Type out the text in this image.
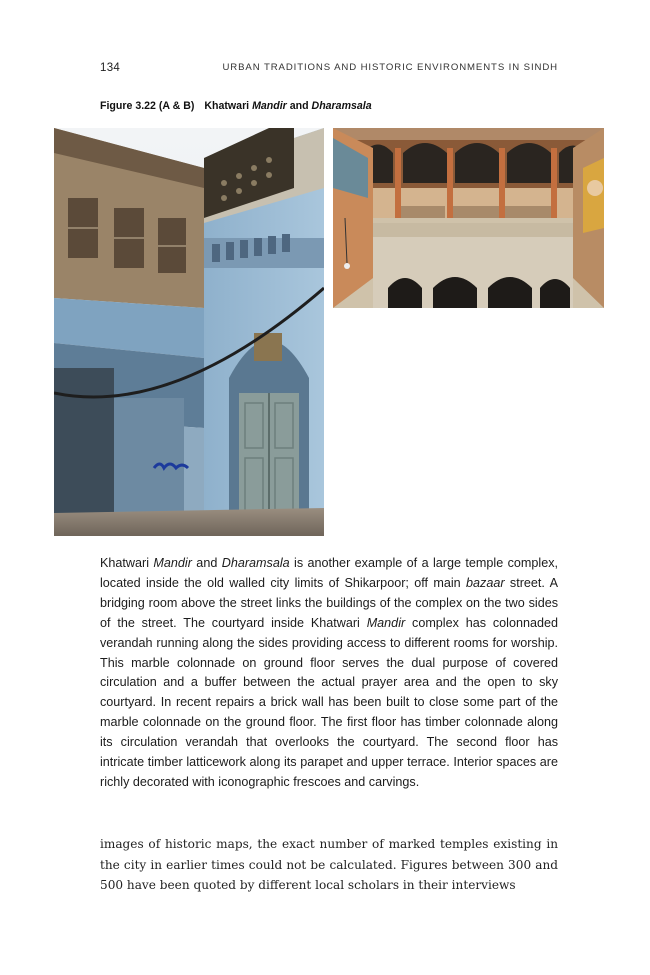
134	URBAN TRADITIONS AND HISTORIC ENVIRONMENTS IN SINDH
Figure 3.22 (A & B) Khatwari Mandir and Dharamsala
Khatwari Mandir and Dharamsala is another example of a large temple complex, located inside the old walled city limits of Shikarpoor; off main bazaar street. A bridging room above the street links the buildings of the complex on the two sides of the street. The courtyard inside Khatwari Mandir complex has colonnaded verandah running along the sides providing access to different rooms for worship. This marble colonnade on ground floor serves the dual purpose of covered circulation and a buffer between the actual prayer area and the open to sky courtyard. In recent repairs a brick wall has been built to close some part of the marble colonnade on the ground floor. The first floor has timber colonnade along its circulation verandah that overlooks the courtyard. The second floor has intricate timber latticework along its parapet and upper terrace. Interior spaces are richly decorated with iconographic frescoes and carvings.
images of historic maps, the exact number of marked temples existing in the city in earlier times could not be calculated. Figures between 300 and 500 have been quoted by different local scholars in their interviews
